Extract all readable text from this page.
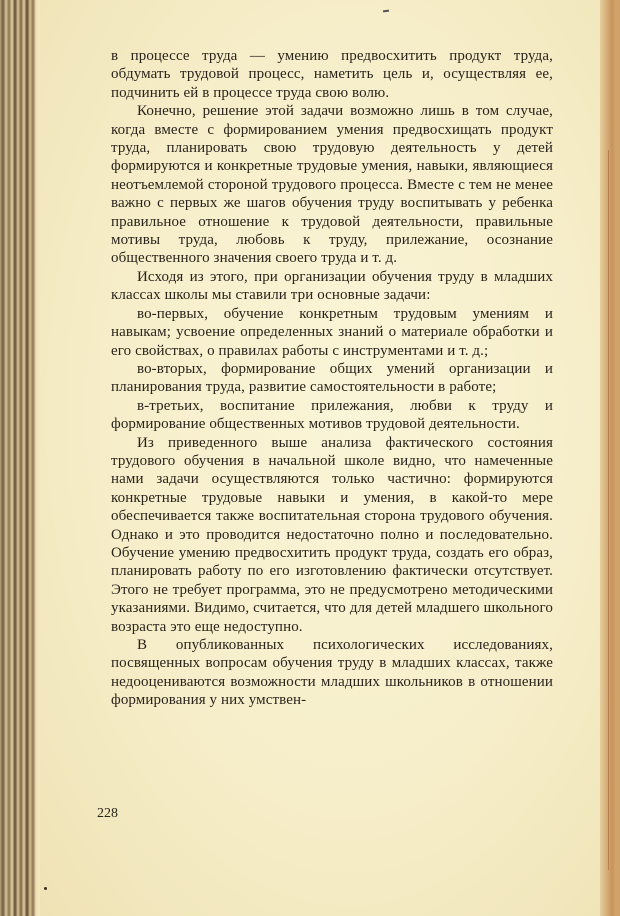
в процессе труда — умению предвосхитить продукт труда, обдумать трудовой процесс, наметить цель и, осуществляя ее, подчинить ей в процессе труда свою волю.

Конечно, решение этой задачи возможно лишь в том случае, когда вместе с формированием умения предвосхищать продукт труда, планировать свою трудовую деятельность у детей формируются и конкретные трудовые умения, навыки, являющиеся неотъемлемой стороной трудового процесса. Вместе с тем не менее важно с первых же шагов обучения труду воспитывать у ребенка правильное отношение к трудовой деятельности, правильные мотивы труда, любовь к труду, прилежание, осознание общественного значения своего труда и т. д.

Исходя из этого, при организации обучения труду в младших классах школы мы ставили три основные задачи:

во-первых, обучение конкретным трудовым умениям и навыкам; усвоение определенных знаний о материале обработки и его свойствах, о правилах работы с инструментами и т. д.;

во-вторых, формирование общих умений организации и планирования труда, развитие самостоятельности в работе;

в-третьих, воспитание прилежания, любви к труду и формирование общественных мотивов трудовой деятельности.

Из приведенного выше анализа фактического состояния трудового обучения в начальной школе видно, что намеченные нами задачи осуществляются только частично: формируются конкретные трудовые навыки и умения, в какой-то мере обеспечивается также воспитательная сторона трудового обучения. Однако и это проводится недостаточно полно и последовательно. Обучение умению предвосхитить продукт труда, создать его образ, планировать работу по его изготовлению фактически отсутствует. Этого не требует программа, это не предусмотрено методическими указаниями. Видимо, считается, что для детей младшего школьного возраста это еще недоступно.

В опубликованных психологических исследованиях, посвященных вопросам обучения труду в младших классах, также недооцениваются возможности младших школьников в отношении формирования у них умствен-

228
